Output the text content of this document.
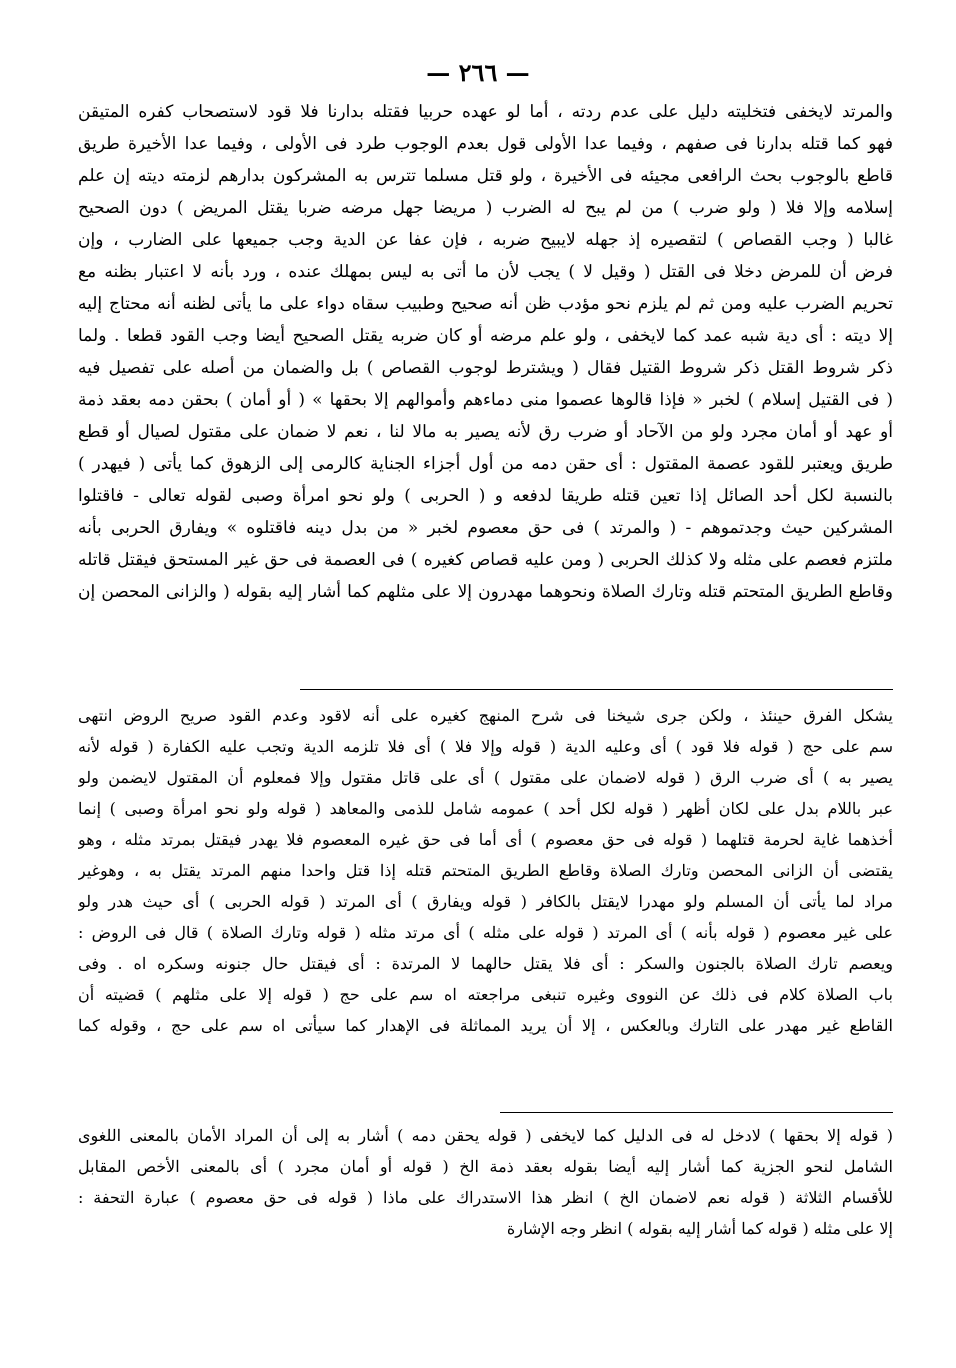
— ٢٦٦ —
والمرتد لايخفى فتخليته دليل على عدم ردته ، أما لو عهده حربيا فقتله بدارنا فلا قود لاستصحاب كفره المتيقن
فهو كما قتله بدارنا فى صفهم ، وفيما عدا الأولى قول بعدم الوجوب طرد فى الأولى ، وفيما عدا الأخيرة طريق
قاطع بالوجوب بحث الرافعى مجيئه فى الأخيرة ، ولو قتل مسلما تترس به المشركون بدارهم لزمته ديته إن علم
إسلامه وإلا فلا ( ولو ضرب ) من لم يبح له الضرب ( مريضا جهل مرضه ضربا يقتل المريض ) دون الصحيح
غالبا ( وجب القصاص ) لتقصيره إذ جهله لايبيح ضربه ، فإن عفا عن الدية وجب جميعها على الضارب ، وإن
فرض أن للمرض دخلا فى القتل ( وقيل لا ) يجب لأن ما أتى به ليس بمهلك عنده ، ورد بأنه لا اعتبار بظنه مع
تحريم الضرب عليه ومن ثم لم يلزم نحو مؤدب ظن أنه صحيح وطبيب سقاه دواء على ما يأتى لظنه أنه محتاج إليه
إلا ديته : أى دية شبه عمد كما لايخفى ، ولو علم مرضه أو كان ضربه يقتل الصحيح أيضا وجب القود قطعا . ولما
ذكر شروط القتل ذكر شروط القتيل فقال ( ويشترط لوجوب القصاص ) بل والضمان من أصله على تفصيل فيه
( فى القتيل إسلام ) لخبر « فإذا قالوها عصموا منى دماءهم وأموالهم إلا بحقها » ( أو أمان ) بحقن دمه بعقد ذمة
أو عهد أو أمان مجرد ولو من الآحاد أو ضرب رق لأنه يصير به مالا لنا ، نعم لا ضمان على مقتول لصيال أو قطع
طريق ويعتبر للقود عصمة المقتول : أى حقن دمه من أول أجزاء الجناية كالرمى إلى الزهوق كما يأتى ( فيهدر )
بالنسبة لكل أحد الصائل إذا تعين قتله طريقا لدفعه و ( الحربى ) ولو نحو امرأة وصبى لقوله تعالى - فاقتلوا
المشركين حيث وجدتموهم - ( والمرتد ) فى حق معصوم لخبر « من بدل دينه فاقتلوه » ويفارق الحربى بأنه
ملتزم فعصم على مثله ولا كذلك الحربى ( ومن عليه قصاص كغيره ) فى العصمة فى حق غير المستحق فيقتل قاتله
وقاطع الطريق المتحتم قتله وتارك الصلاة ونحوهما مهدرون إلا على مثلهم كما أشار إليه بقوله ( والزانى المحصن إن
يشكل الفرق حينئذ ، ولكن جرى شيخنا فى شرح المنهج كغيره على أنه لاقود وعدم القود صريح الروض انتهى
سم على حج ( قوله فلا قود ) أى وعليه الدية ( قوله وإلا فلا ) أى فلا تلزمه الدية وتجب عليه الكفارة ( قوله لأنه
يصير به ) أى ضرب الرق ( قوله لاضمان على مقتول ) أى على قاتل مقتول وإلا فمعلوم أن المقتول لايضمن ولو
عبر باللام بدل على لكان أظهر ( قوله لكل أحد ) عمومه شامل للذمى والمعاهد ( قوله ولو نحو امرأة وصبى ) إنما
أخذهما غاية لحرمة قتلهما ( قوله فى حق معصوم ) أى أما فى حق غيره المعصوم فلا يهدر فيقتل بمرتد مثله ، وهو
يقتضى أن الزانى المحصن وتارك الصلاة وقاطع الطريق المتحتم قتله إذا قتل واحدا منهم المرتد يقتل به ، وهوغير
مراد لما يأتى أن المسلم ولو مهدرا لايقتل بالكافر ( قوله ويفارق ) أى المرتد ( قوله الحربى ) أى حيث هدر ولو
على غير معصوم ( قوله بأنه ) أى المرتد ( قوله على مثله ) أى مرتد مثله ( قوله وتارك الصلاة ) قال فى الروض :
ويعصم تارك الصلاة بالجنون والسكر : أى فلا يقتل حالهما لا المرتدة : أى فيقتل حال جنونه وسكره اه . وفى
باب الصلاة كلام فى ذلك عن النووى وغيره تنبغى مراجعته اه سم على حج ( قوله إلا على مثلهم ) قضيته أن
القاطع غير مهدر على التارك وبالعكس ، إلا أن يريد المماثلة فى الإهدار كما سيأتى اه سم على حج ، وقوله كما
( قوله إلا بحقها ) لادخل له فى الدليل كما لايخفى ( قوله يحقن دمه ) أشار به إلى أن المراد الأمان بالمعنى اللغوى
الشامل لنحو الجزية كما أشار إليه أيضا بقوله بعقد ذمة الخ ( قوله أو أمان مجرد ) أى بالمعنى الأخص المقابل
للأقسام الثلاثة ( قوله نعم لاضمان الخ ) انظر هذا الاستدراك على ماذا ( قوله فى حق معصوم ) عبارة التحفة :
إلا على مثله ( قوله كما أشار إليه بقوله ) انظر وجه الإشارة
